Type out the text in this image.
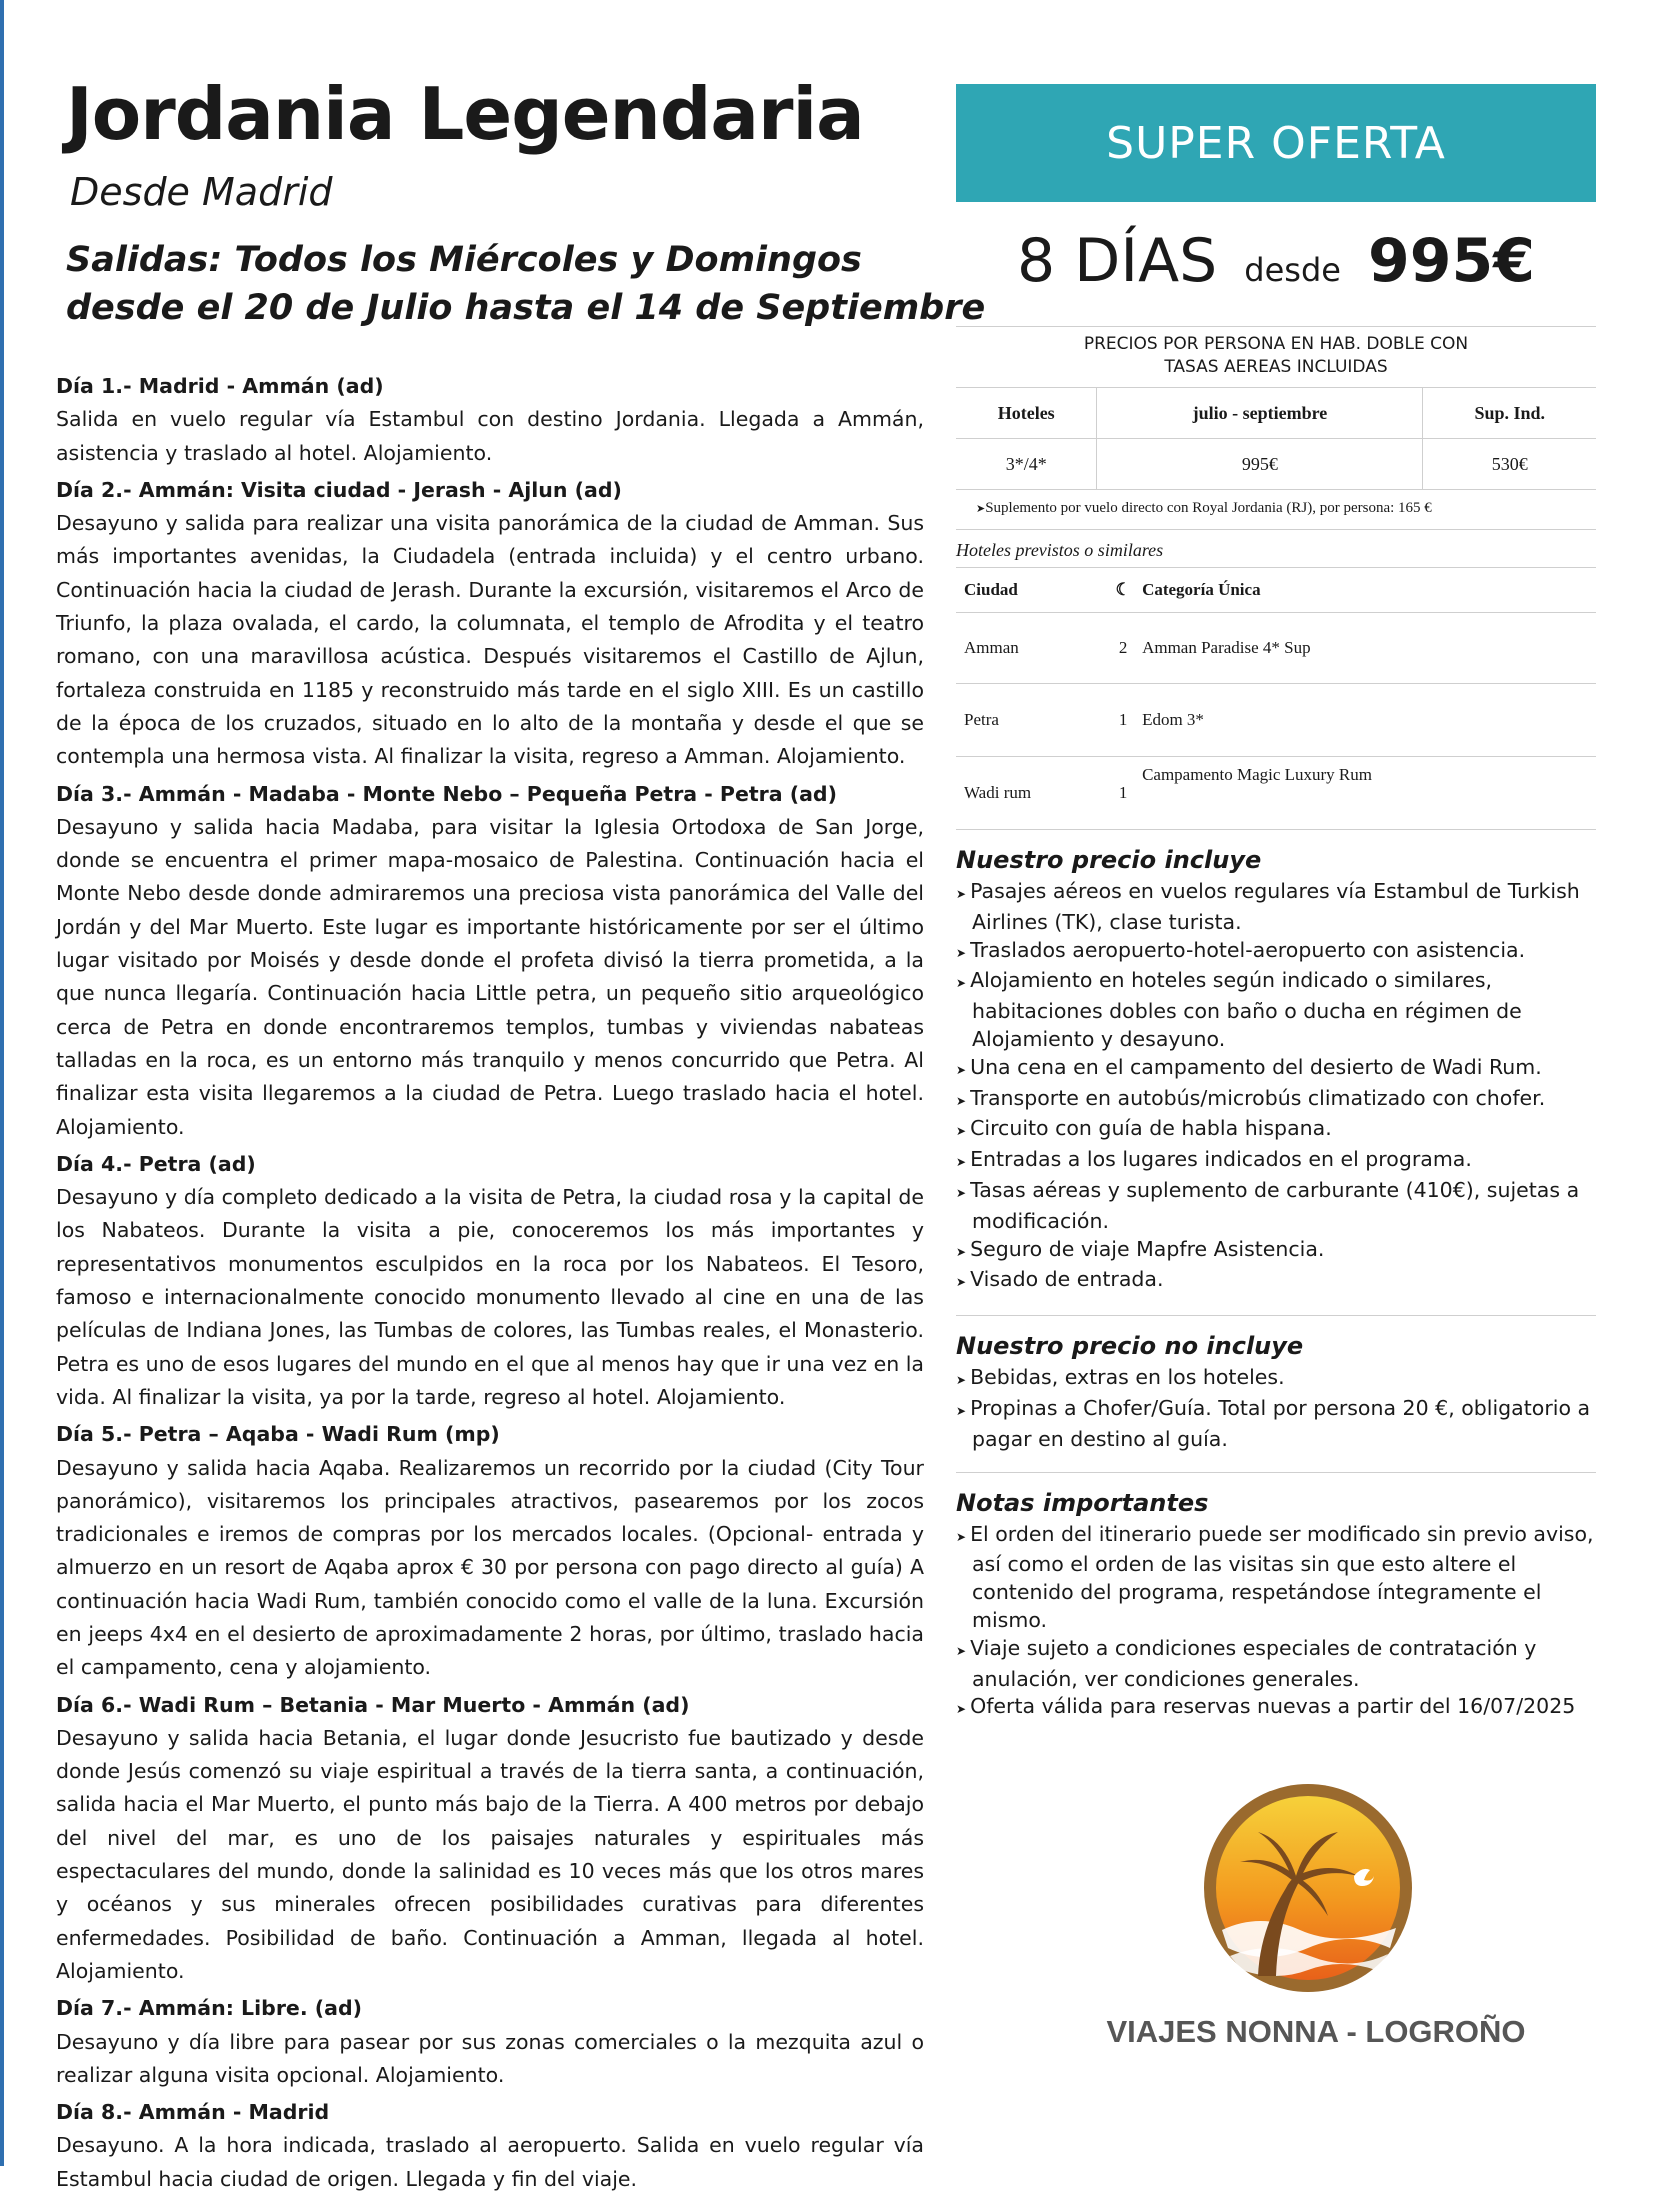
Jordania Legendaria
Desde Madrid
Salidas: Todos los Miércoles y Domingos
desde el 20 de Julio hasta el 14 de Septiembre
Día 1.- Madrid - Ammán (ad)
Salida en vuelo regular vía Estambul con destino Jordania. Llegada a Ammán, asistencia y traslado al hotel. Alojamiento.
Día 2.- Ammán: Visita ciudad - Jerash - Ajlun (ad)
Desayuno y salida para realizar una visita panorámica de la ciudad de Amman. Sus más importantes avenidas, la Ciudadela (entrada incluida) y el centro urbano. Continuación hacia la ciudad de Jerash. Durante la excursión, visitaremos el Arco de Triunfo, la plaza ovalada, el cardo, la columnata, el templo de Afrodita y el teatro romano, con una maravillosa acústica. Después visitaremos el Castillo de Ajlun, fortaleza construida en 1185 y reconstruido más tarde en el siglo XIII. Es un castillo de la época de los cruzados, situado en lo alto de la montaña y desde el que se contempla una hermosa vista. Al finalizar la visita, regreso a Amman. Alojamiento.
Día 3.- Ammán - Madaba - Monte Nebo – Pequeña Petra - Petra (ad)
Desayuno y salida hacia Madaba, para visitar la Iglesia Ortodoxa de San Jorge, donde se encuentra el primer mapa-mosaico de Palestina. Continuación hacia el Monte Nebo desde donde admiraremos una preciosa vista panorámica del Valle del Jordán y del Mar Muerto. Este lugar es importante históricamente por ser el último lugar visitado por Moisés y desde donde el profeta divisó la tierra prometida, a la que nunca llegaría. Continuación hacia Little petra, un pequeño sitio arqueológico cerca de Petra en donde encontraremos templos, tumbas y viviendas nabateas talladas en la roca, es un entorno más tranquilo y menos concurrido que Petra. Al finalizar esta visita llegaremos a la ciudad de Petra. Luego traslado hacia el hotel. Alojamiento.
Día 4.- Petra (ad)
Desayuno y día completo dedicado a la visita de Petra, la ciudad rosa y la capital de los Nabateos. Durante la visita a pie, conoceremos los más importantes y representativos monumentos esculpidos en la roca por los Nabateos. El Tesoro, famoso e internacionalmente conocido monumento llevado al cine en una de las películas de Indiana Jones, las Tumbas de colores, las Tumbas reales, el Monasterio. Petra es uno de esos lugares del mundo en el que al menos hay que ir una vez en la vida. Al finalizar la visita, ya por la tarde, regreso al hotel. Alojamiento.
Día 5.- Petra – Aqaba - Wadi Rum (mp)
Desayuno y salida hacia Aqaba. Realizaremos un recorrido por la ciudad (City Tour panorámico), visitaremos los principales atractivos, pasearemos por los zocos tradicionales e iremos de compras por los mercados locales. (Opcional- entrada y almuerzo en un resort de Aqaba aprox € 30 por persona con pago directo al guía) A continuación hacia Wadi Rum, también conocido como el valle de la luna. Excursión en jeeps 4x4 en el desierto de aproximadamente 2 horas, por último, traslado hacia el campamento, cena y alojamiento.
Día 6.- Wadi Rum – Betania - Mar Muerto - Ammán (ad)
Desayuno y salida hacia Betania, el lugar donde Jesucristo fue bautizado y desde donde Jesús comenzó su viaje espiritual a través de la tierra santa, a continuación, salida hacia el Mar Muerto, el punto más bajo de la Tierra. A 400 metros por debajo del nivel del mar, es uno de los paisajes naturales y espirituales más espectaculares del mundo, donde la salinidad es 10 veces más que los otros mares y océanos y sus minerales ofrecen posibilidades curativas para diferentes enfermedades. Posibilidad de baño. Continuación a Amman, llegada al hotel. Alojamiento.
Día 7.- Ammán: Libre. (ad)
Desayuno y día libre para pasear por sus zonas comerciales o la mezquita azul o realizar alguna visita opcional. Alojamiento.
Día 8.- Ammán - Madrid
Desayuno. A la hora indicada, traslado al aeropuerto. Salida en vuelo regular vía Estambul hacia ciudad de origen. Llegada y fin del viaje.
SUPER OFERTA
8 DÍAS desde 995€
PRECIOS POR PERSONA EN HAB. DOBLE CON
TASAS AEREAS INCLUIDAS
Hoteles	julio - septiembre	Sup. Ind.
3*/4*	995€	530€
➤Suplemento por vuelo directo con Royal Jordania (RJ), por persona: 165 €
Hoteles previstos o similares
Ciudad	☾	Categoría Única
Amman	2	Amman Paradise 4* Sup
Petra	1	Edom 3*
Wadi rum	1	Campamento Magic Luxury Rum
Nuestro precio incluye
➤ Pasajes aéreos en vuelos regulares vía Estambul de Turkish Airlines (TK), clase turista.
➤ Traslados aeropuerto-hotel-aeropuerto con asistencia.
➤ Alojamiento en hoteles según indicado o similares, habitaciones dobles con baño o ducha en régimen de Alojamiento y desayuno.
➤ Una cena en el campamento del desierto de Wadi Rum.
➤ Transporte en autobús/microbús climatizado con chofer.
➤ Circuito con guía de habla hispana.
➤ Entradas a los lugares indicados en el programa.
➤ Tasas aéreas y suplemento de carburante (410€), sujetas a modificación.
➤ Seguro de viaje Mapfre Asistencia.
➤ Visado de entrada.
Nuestro precio no incluye
➤ Bebidas, extras en los hoteles.
➤ Propinas a Chofer/Guía. Total por persona 20 €, obligatorio a pagar en destino al guía.
Notas importantes
➤ El orden del itinerario puede ser modificado sin previo aviso, así como el orden de las visitas sin que esto altere el contenido del programa, respetándose íntegramente el mismo.
➤ Viaje sujeto a condiciones especiales de contratación y anulación, ver condiciones generales.
➤ Oferta válida para reservas nuevas a partir del 16/07/2025
VIAJES NONNA - LOGROÑO
